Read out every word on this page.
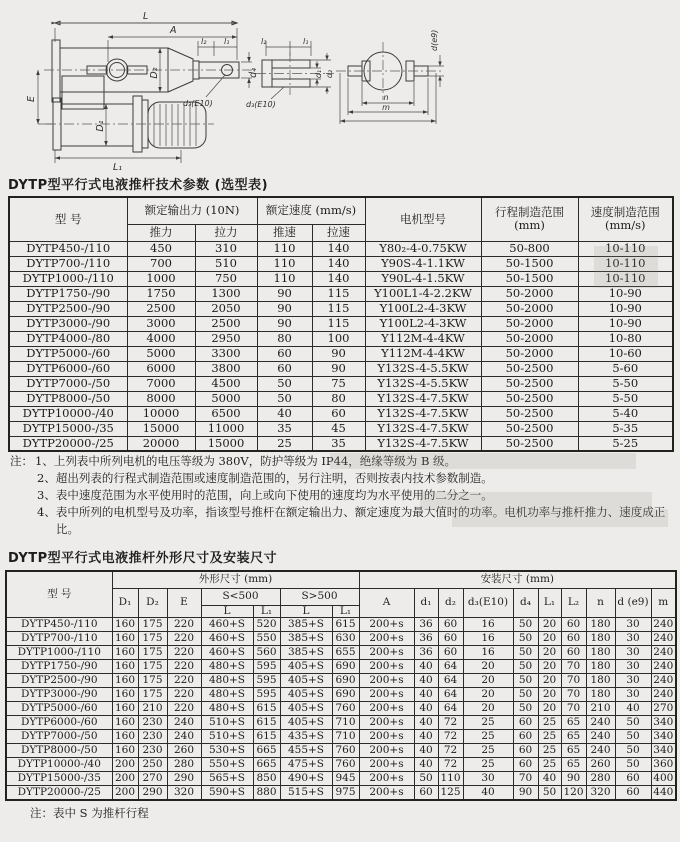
L
A
l₂ l₁
D₂	d₄
d₃(E10)
E
D₁
L₁
l₂	l₁
d₁ d₂
d₃(E10)
d(e9)
n
m
DYTP型平行式电液推杆技术参数 (选型表)
型 号	额定输出力 (10N)	额定速度 (mm/s)	电机型号	行程制造范围
(mm)

速度制造范围
(mm/s)

	推力	拉力	推速	拉速			
DYTP450-/110	450	310	110	140	Y80₂-4-0.75KW	50-800	10-110
DYTP700-/110	700	510	110	140	Y90S-4-1.1KW	50-1500	10-110
DYTP1000-/110	1000	750	110	140	Y90L-4-1.5KW	50-1500	10-110
DYTP1750-/90	1750	1300	90	115	Y100L1-4-2.2KW	50-2000	10-90
DYTP2500-/90	2500	2050	90	115	Y100L2-4-3KW	50-2000	10-90
DYTP3000-/90	3000	2500	90	115	Y100L2-4-3KW	50-2000	10-90
DYTP4000-/80	4000	2950	80	100	Y112M-4-4KW	50-2000	10-80
DYTP5000-/60	5000	3300	60	90	Y112M-4-4KW	50-2000	10-60
DYTP6000-/60	6000	3800	60	90	Y132S-4-5.5KW	50-2500	5-60
DYTP7000-/50	7000	4500	50	75	Y132S-4-5.5KW	50-2500	5-50
DYTP8000-/50	8000	5000	50	80	Y132S-4-7.5KW	50-2500	5-50
DYTP10000-/40	10000	6500	40	60	Y132S-4-7.5KW	50-2500	5-40
DYTP15000-/35	15000	11000	35	45	Y132S-4-7.5KW	50-2500	5-35
DYTP20000-/25	20000	15000	25	35	Y132S-4-7.5KW	50-2500	5-25
注： 1、上列表中所列电机的电压等级为 380V，防护等级为 IP44，绝缘等级为 B 级。
2、超出列表的行程式制造范围或速度制造范围的，另行注明，否则按表内技术参数制造。
3、表中速度范围为水平使用时的范围，向上或向下使用的速度均为水平使用的二分之一。
4、表中所列的电机型号及功率，指该型号推杆在额定输出力、额定速度为最大值时的功率。电机功率与推杆推力、速度成正比。
DYTP型平行式电液推杆外形尺寸及安装尺寸
型 号	外形尺寸 (mm)							安装尺寸 (mm)									
	D₁	D₂	E	S<500		S>500		A	d₁	d₂	d₃(E10)	d₄	L₁	L₂	n	d (e9)	m
				L	L₁	L	L₁										
DYTP450-/110	160	175	220	460+S	520	385+S	615	200+s	36	60	16	50	20	60	180	30	240
DYTP700-/110	160	175	220	460+S	550	385+S	630	200+s	36	60	16	50	20	60	180	30	240
DYTP1000-/110	160	175	220	460+S	560	385+S	655	200+s	36	60	16	50	20	60	180	30	240
DYTP1750-/90	160	175	220	480+S	595	405+S	690	200+s	40	64	20	50	20	70	180	30	240
DYTP2500-/90	160	175	220	480+S	595	405+S	690	200+s	40	64	20	50	20	70	180	30	240
DYTP3000-/90	160	175	220	480+S	595	405+S	690	200+s	40	64	20	50	20	70	180	30	240
DYTP5000-/60	160	210	220	480+S	615	405+S	760	200+s	40	64	20	50	20	70	210	40	270
DYTP6000-/60	160	230	240	510+S	615	405+S	710	200+s	40	72	25	60	25	65	240	50	340
DYTP7000-/50	160	230	240	510+S	615	435+S	710	200+s	40	72	25	60	25	65	240	50	340
DYTP8000-/50	160	230	260	530+S	665	455+S	760	200+s	40	72	25	60	25	65	240	50	340
DYTP10000-/40	200	250	280	550+S	665	475+S	760	200+s	40	72	25	60	25	65	260	50	360
DYTP15000-/35	200	270	290	565+S	850	490+S	945	200+s	50	110	30	70	40	90	280	60	400
DYTP20000-/25	200	290	320	590+S	880	515+S	975	200+s	60	125	40	90	50	120	320	60	440
注：表中 S 为推杆行程
